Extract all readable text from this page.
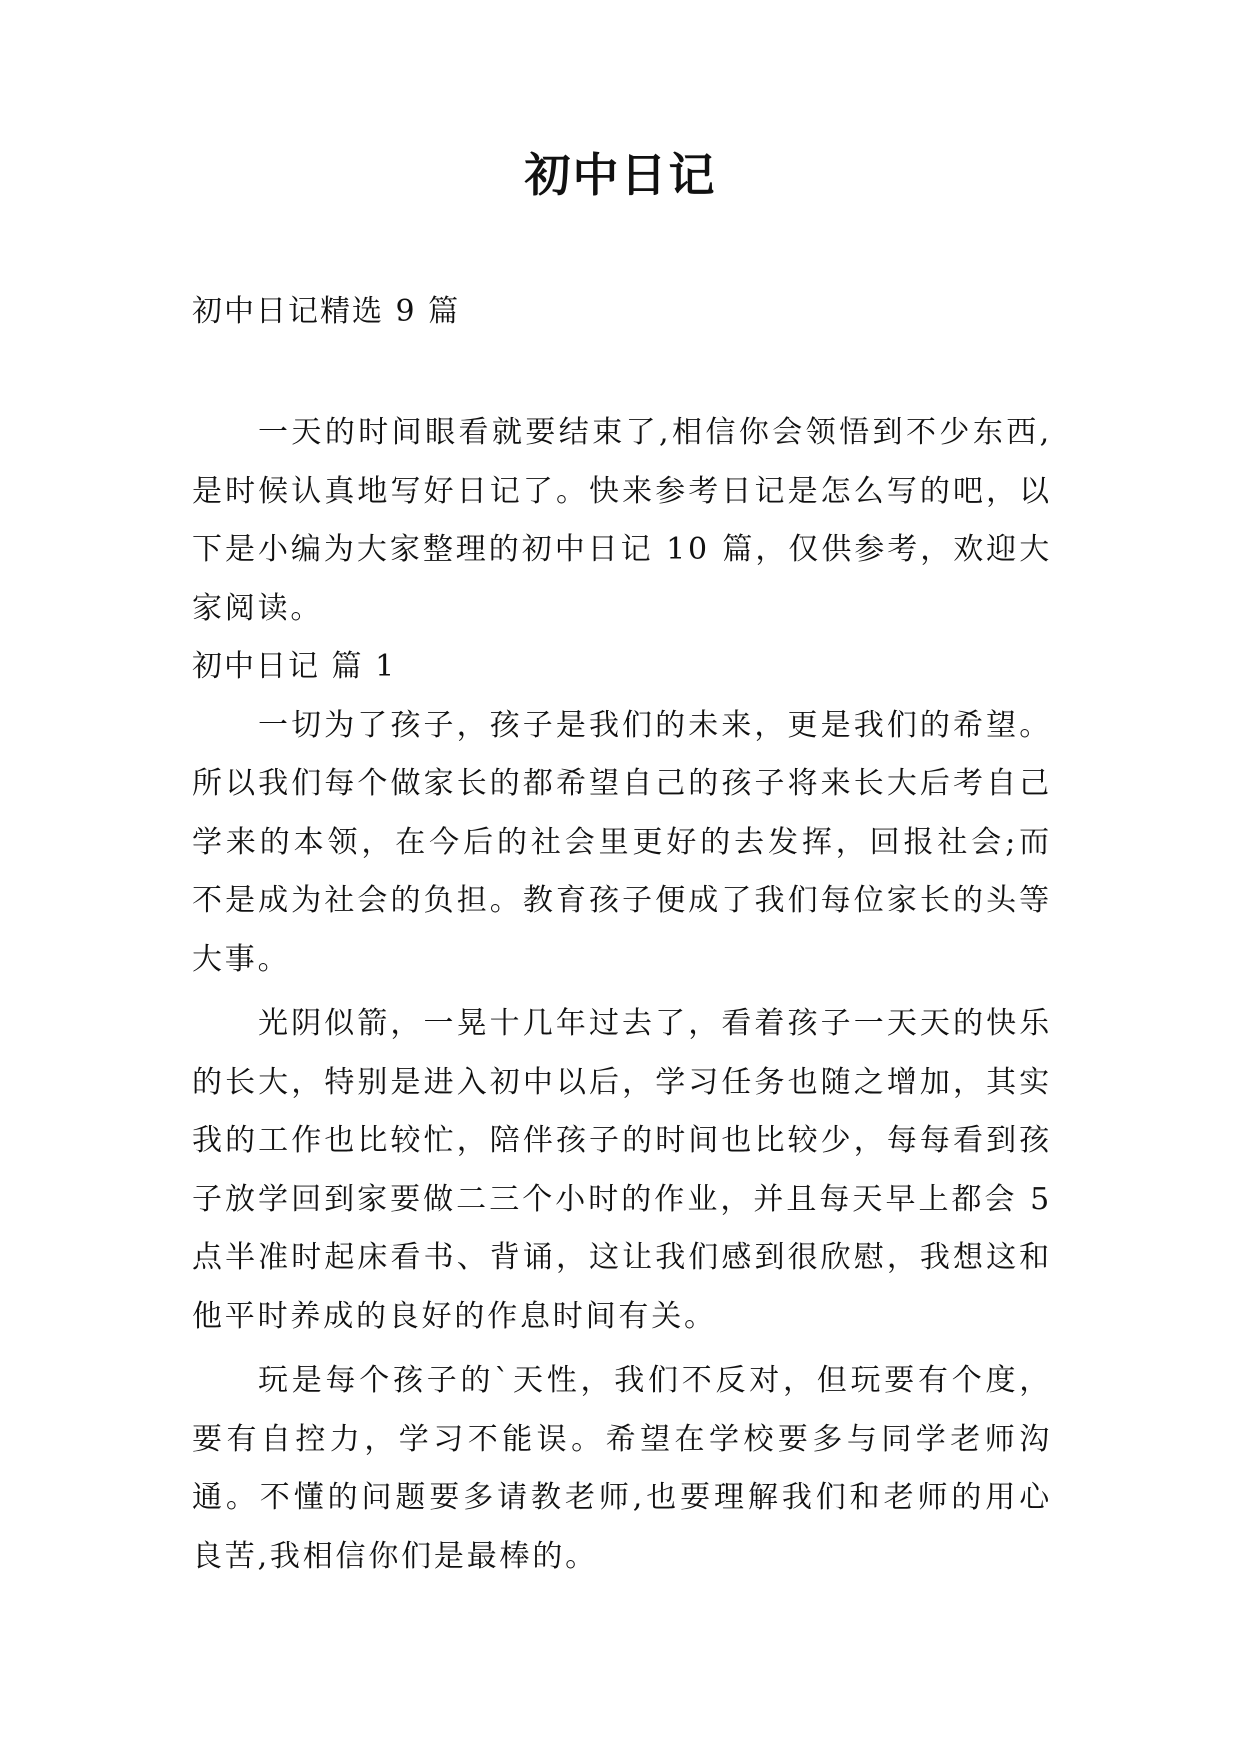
初中日记

初中日记精选 9 篇

一天的时间眼看就要结束了,相信你会领悟到不少东西,是时候认真地写好日记了。快来参考日记是怎么写的吧，以下是小编为大家整理的初中日记 10 篇，仅供参考，欢迎大家阅读。

初中日记 篇 1

一切为了孩子，孩子是我们的未来，更是我们的希望。所以我们每个做家长的都希望自己的孩子将来长大后考自己学来的本领，在今后的社会里更好的去发挥，回报社会;而不是成为社会的负担。教育孩子便成了我们每位家长的头等大事。

光阴似箭，一晃十几年过去了，看着孩子一天天的快乐的长大，特别是进入初中以后，学习任务也随之增加，其实我的工作也比较忙，陪伴孩子的时间也比较少，每每看到孩子放学回到家要做二三个小时的作业，并且每天早上都会 5 点半准时起床看书、背诵，这让我们感到很欣慰，我想这和他平时养成的良好的作息时间有关。

玩是每个孩子的`天性，我们不反对，但玩要有个度，要有自控力，学习不能误。希望在学校要多与同学老师沟通。不懂的问题要多请教老师,也要理解我们和老师的用心良苦,我相信你们是最棒的。
